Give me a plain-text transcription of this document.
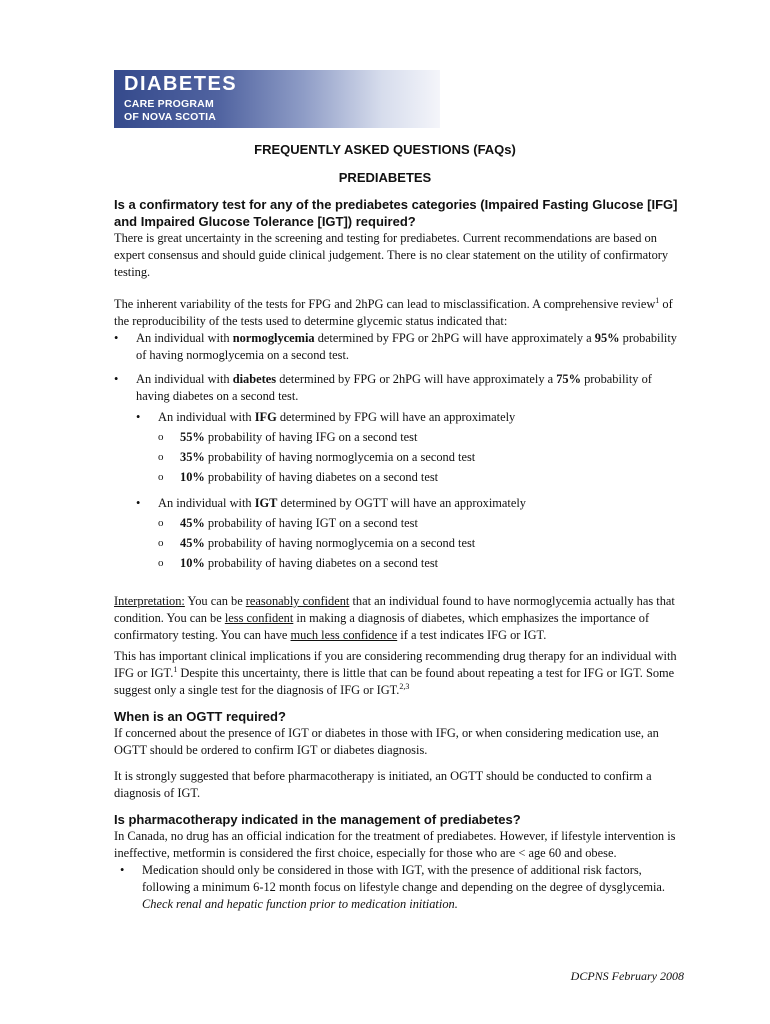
DIABETES
CARE PROGRAM
OF NOVA SCOTIA
FREQUENTLY ASKED QUESTIONS (FAQs)
PREDIABETES

Is a confirmatory test for any of the prediabetes categories (Impaired Fasting Glucose [IFG] and Impaired Glucose Tolerance [IGT]) required?

There is great uncertainty in the screening and testing for prediabetes. Current recommendations are based on expert consensus and should guide clinical judgement. There is no clear statement on the utility of confirmatory testing.

The inherent variability of the tests for FPG and 2hPG can lead to misclassification. A comprehensive review$^1$ of the reproducibility of the tests used to determine glycemic status indicated that:

• An individual with normoglycemia determined by FPG or 2hPG will have approximately a 95% probability of having normoglycemia on a second test.
• An individual with diabetes determined by FPG or 2hPG will have approximately a 75% probability of having diabetes on a second test.
• An individual with IFG determined by FPG will have an approximately
o 55% probability of having IFG on a second test
o 35% probability of having normoglycemia on a second test
o 10% probability of having diabetes on a second test
• An individual with IGT determined by OGTT will have an approximately
o 45% probability of having IGT on a second test
o 45% probability of having normoglycemia on a second test
o 10% probability of having diabetes on a second test

Interpretation: You can be reasonably confident that an individual found to have normoglycemia actually has that condition. You can be less confident in making a diagnosis of diabetes, which emphasizes the importance of confirmatory testing. You can have much less confidence if a test indicates IFG or IGT.

This has important clinical implications if you are considering recommending drug therapy for an individual with IFG or IGT.$^1$ Despite this uncertainty, there is little that can be found about repeating a test for IFG or IGT. Some suggest only a single test for the diagnosis of IFG or IGT.$^{2,3}$

When is an OGTT required?

If concerned about the presence of IGT or diabetes in those with IFG, or when considering medication use, an OGTT should be ordered to confirm IGT or diabetes diagnosis.

It is strongly suggested that before pharmacotherapy is initiated, an OGTT should be conducted to confirm a diagnosis of IGT.

Is pharmacotherapy indicated in the management of prediabetes?

In Canada, no drug has an official indication for the treatment of prediabetes. However, if lifestyle intervention is ineffective, metformin is considered the first choice, especially for those who are < age 60 and obese.

• Medication should only be considered in those with IGT, with the presence of additional risk factors, following a minimum 6-12 month focus on lifestyle change and depending on the degree of dysglycemia. Check renal and hepatic function prior to medication initiation.
DCPNS February 2008
